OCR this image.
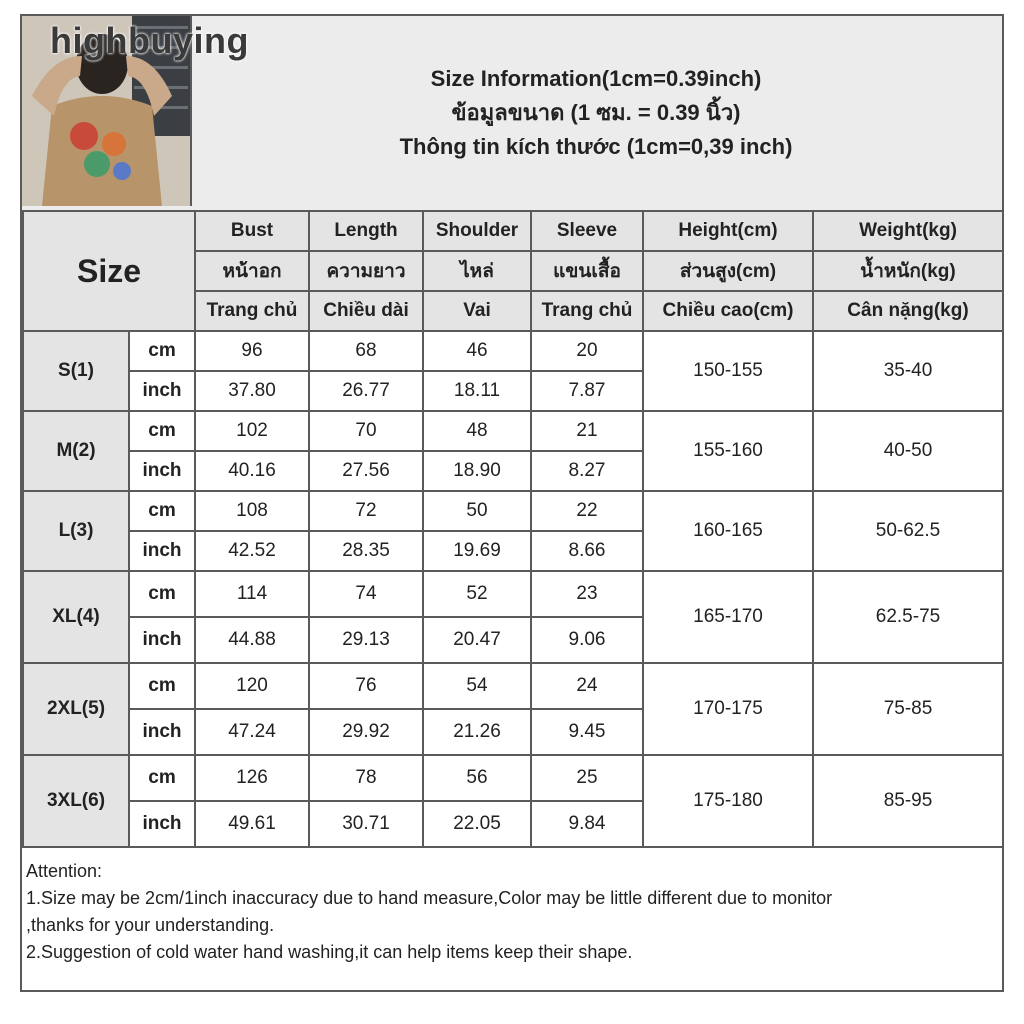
Size Information(1cm=0.39inch)
ข้อมูลขนาด (1 ซม. = 0.39 นิ้ว)
Thông tin kích thước (1cm=0,39 inch)
highbuying
Size		Bust	Length	Shoulder	Sleeve	Height(cm)	Weight(kg)
		หน้าอก	ความยาว	ไหล่	แขนเสื้อ	ส่วนสูง(cm)	น้ำหนัก(kg)
		Trang chủ	Chiều dài	Vai	Trang chủ	Chiều cao(cm)	Cân nặng(kg)
S(1)	cm	96	68	46	20	150-155	35-40
	inch	37.80	26.77	18.11	7.87		
M(2)	cm	102	70	48	21	155-160	40-50
	inch	40.16	27.56	18.90	8.27		
L(3)	cm	108	72	50	22	160-165	50-62.5
	inch	42.52	28.35	19.69	8.66		
XL(4)	cm	114	74	52	23	165-170	62.5-75
	inch	44.88	29.13	20.47	9.06		
2XL(5)	cm	120	76	54	24	170-175	75-85
	inch	47.24	29.92	21.26	9.45		
3XL(6)	cm	126	78	56	25	175-180	85-95
	inch	49.61	30.71	22.05	9.84		
Attention:
1.Size may be 2cm/1inch inaccuracy due to hand measure,Color may be little different due to monitor
,thanks for your understanding.
2.Suggestion of cold water hand washing,it can help items keep their shape.
